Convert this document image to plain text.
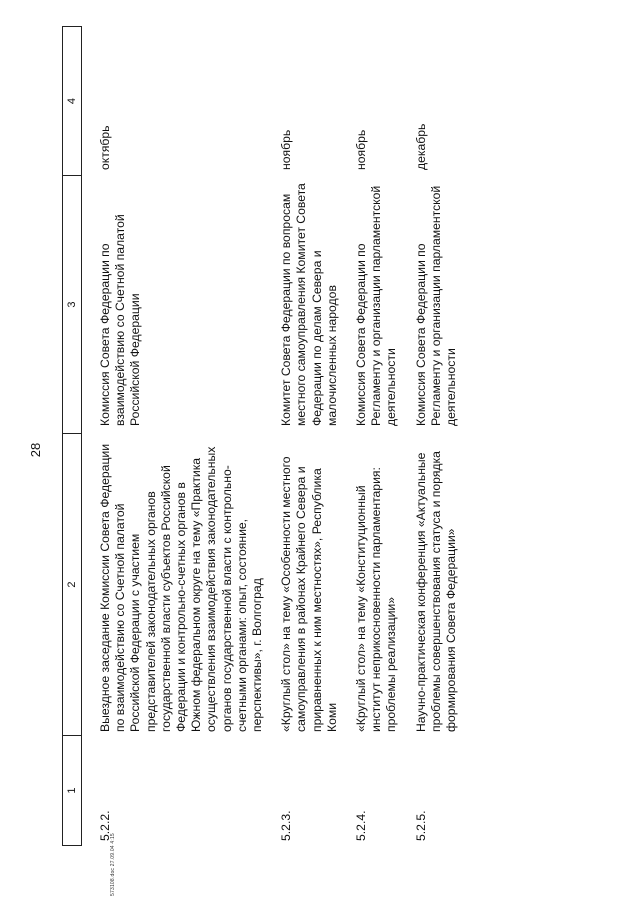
28
1
2
3
4
5.2.2.
Выездное заседание Комиссии Совета Федерации по взаимодействию со Счетной палатой Российской Федерации с участием представителей законодательных органов государственной власти субъектов Российской Федерации и контрольно-счетных органов в Южном федеральном округе на тему «Практика осуществления взаимодействия законодательных органов государственной власти с контрольно-счетными органами: опыт, состояние, перспективы», г. Волгоград
Комиссия Совета Федерации по взаимодействию со Счетной палатой Российской Федерации
октябрь
5.2.3.
«Круглый стол» на тему «Особенности местного самоуправления в районах Крайнего Севера и приравненных к ним местностях», Республика Коми
Комитет Совета Федерации по вопросам местного самоуправления Комитет Совета Федерации по делам Севера и малочисленных народов
ноябрь
5.2.4.
«Круглый стол» на тему «Конституционный институт неприкосновенности парламентария: проблемы реализации»
Комиссия Совета Федерации по Регламенту и организации парламентской деятельности
ноябрь
5.2.5.
Научно-практическая конференция «Актуальные проблемы совершенствования статуса и порядка формирования Совета Федерации»
Комиссия Совета Федерации по Регламенту и организации парламентской деятельности
декабрь
573108.doc 27.09.04 4:15
